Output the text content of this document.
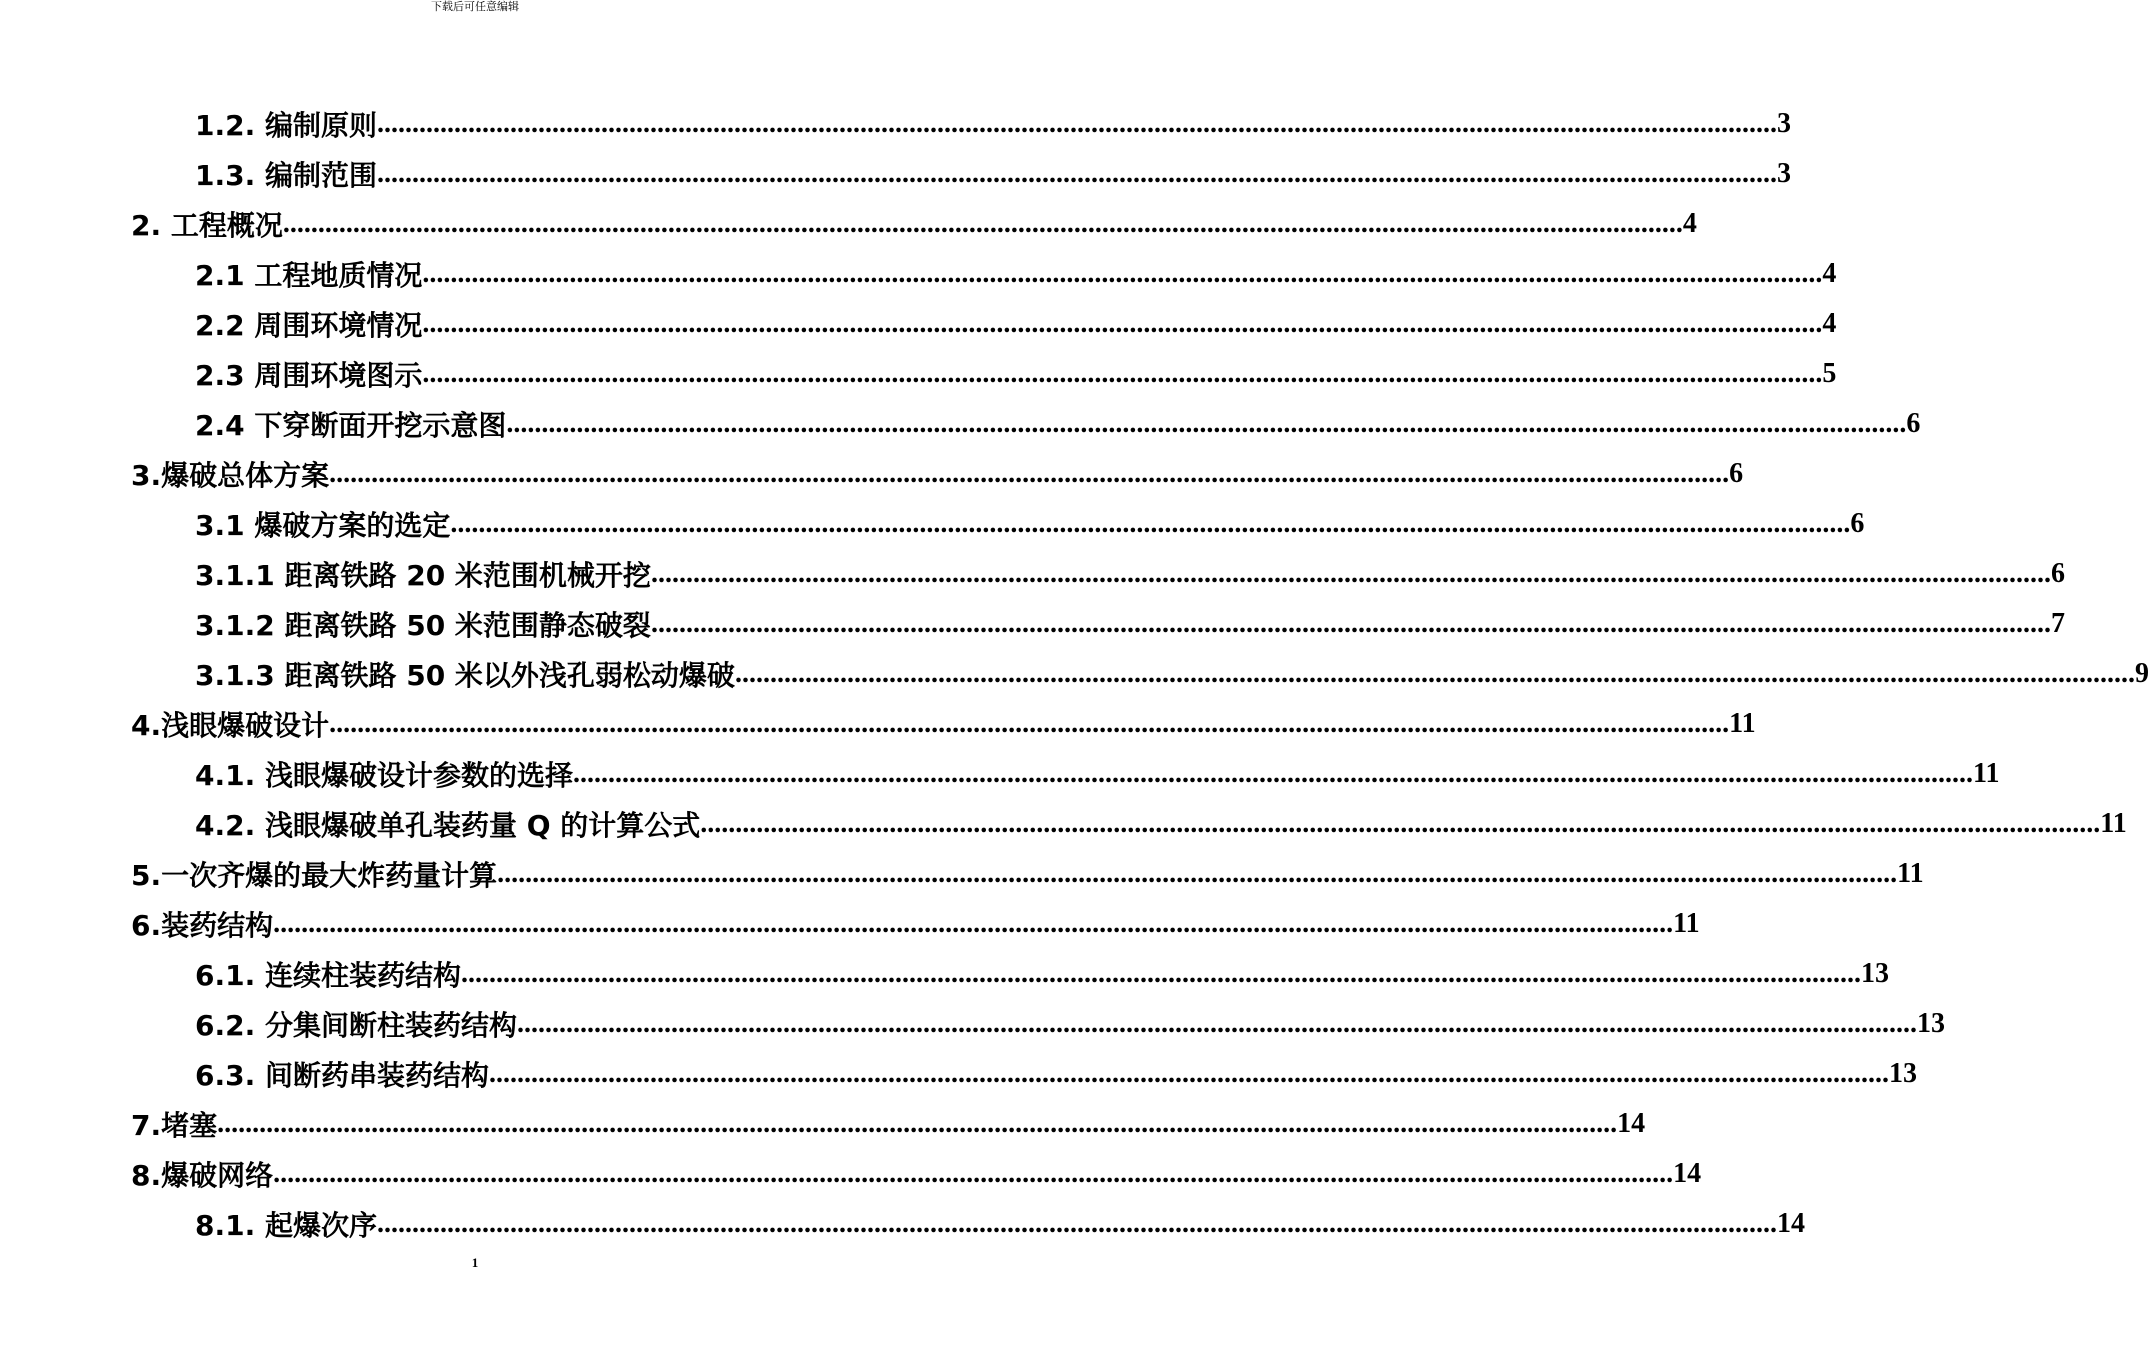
下载后可任意编辑
1.2. 编制原则 ........................................................................................................................................................................................................ 3
1.3. 编制范围 ........................................................................................................................................................................................................ 3
2. 工程概况 ........................................................................................................................................................................................................ 4
2.1 工程地质情况 ........................................................................................................................................................................................................ 4
2.2 周围环境情况 ........................................................................................................................................................................................................ 4
2.3 周围环境图示 ........................................................................................................................................................................................................ 5
2.4 下穿断面开挖示意图 ........................................................................................................................................................................................................ 6
3.爆破总体方案 ........................................................................................................................................................................................................ 6
3.1 爆破方案的选定 ........................................................................................................................................................................................................ 6
3.1.1 距离铁路 20 米范围机械开挖 ........................................................................................................................................................................................................ 6
3.1.2 距离铁路 50 米范围静态破裂 ........................................................................................................................................................................................................ 7
3.1.3 距离铁路 50 米以外浅孔弱松动爆破 ........................................................................................................................................................................................................ 9
4.浅眼爆破设计 ........................................................................................................................................................................................................ 11
4.1. 浅眼爆破设计参数的选择 ........................................................................................................................................................................................................ 11
4.2. 浅眼爆破单孔装药量 Q 的计算公式 ........................................................................................................................................................................................................ 11
5.一次齐爆的最大炸药量计算 ........................................................................................................................................................................................................ 11
6.装药结构 ........................................................................................................................................................................................................ 11
6.1. 连续柱装药结构 ........................................................................................................................................................................................................ 13
6.2. 分集间断柱装药结构 ........................................................................................................................................................................................................ 13
6.3. 间断药串装药结构 ........................................................................................................................................................................................................ 13
7.堵塞 ........................................................................................................................................................................................................ 14
8.爆破网络 ........................................................................................................................................................................................................ 14
8.1. 起爆次序 ........................................................................................................................................................................................................ 14
1
